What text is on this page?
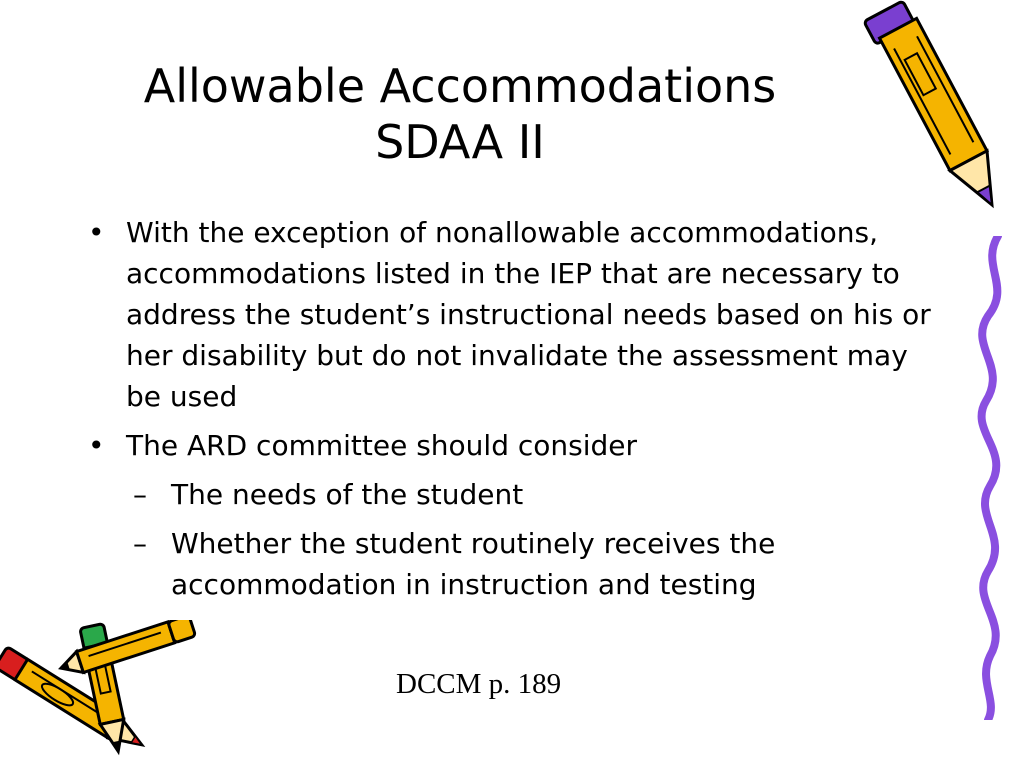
Allowable Accommodations
SDAA II
• With the exception of nonallowable accommodations, accommodations listed in the IEP that are necessary to address the student’s instructional needs based on his or her disability but do not invalidate the assessment may be used
• The ARD committee should consider
– The needs of the student
– Whether the student routinely receives the accommodation in instruction and testing
DCCM p. 189
